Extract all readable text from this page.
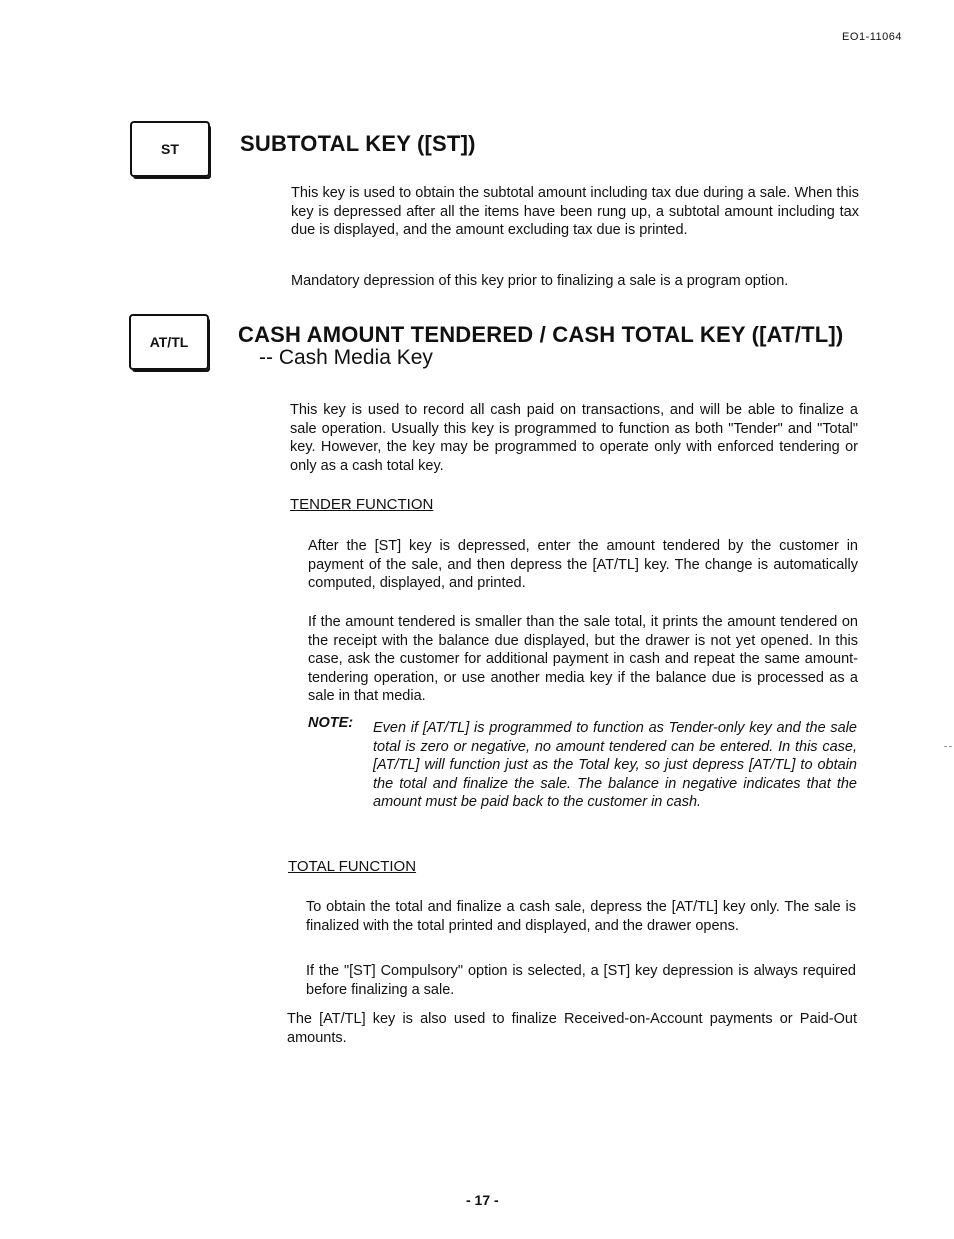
EO1-11064
ST	SUBTOTAL KEY ([ST])
This key is used to obtain the subtotal amount including tax due during a sale. When this key is depressed after all the items have been rung up, a subtotal amount including tax due is displayed, and the amount excluding tax due is printed.
Mandatory depression of this key prior to finalizing a sale is a program option.
AT/TL CASH AMOUNT TENDERED / CASH TOTAL KEY ([AT/TL])
-- Cash Media Key
This key is used to record all cash paid on transactions, and will be able to finalize a sale operation. Usually this key is programmed to function as both "Tender" and "Total" key. However, the key may be programmed to operate only with enforced tendering or only as a cash total key.
TENDER FUNCTION
After the [ST] key is depressed, enter the amount tendered by the customer in payment of the sale, and then depress the [AT/TL] key. The change is automatically computed, displayed, and printed.
If the amount tendered is smaller than the sale total, it prints the amount tendered on the receipt with the balance due displayed, but the drawer is not yet opened. In this case, ask the customer for additional payment in cash and repeat the same amount-tendering operation, or use another media key if the balance due is processed as a sale in that media.
NOTE: Even if [AT/TL] is programmed to function as Tender-only key and the sale total is zero or negative, no amount tendered can be entered. In this case, [AT/TL] will function just as the Total key, so just depress [AT/TL] to obtain the total and finalize the sale. The balance in negative indicates that the amount must be paid back to the customer in cash.
TOTAL FUNCTION
To obtain the total and finalize a cash sale, depress the [AT/TL] key only. The sale is finalized with the total printed and displayed, and the drawer opens.
If the "[ST] Compulsory" option is selected, a [ST] key depression is always required before finalizing a sale.
The [AT/TL] key is also used to finalize Received-on-Account payments or Paid-Out amounts.
- 17 -
